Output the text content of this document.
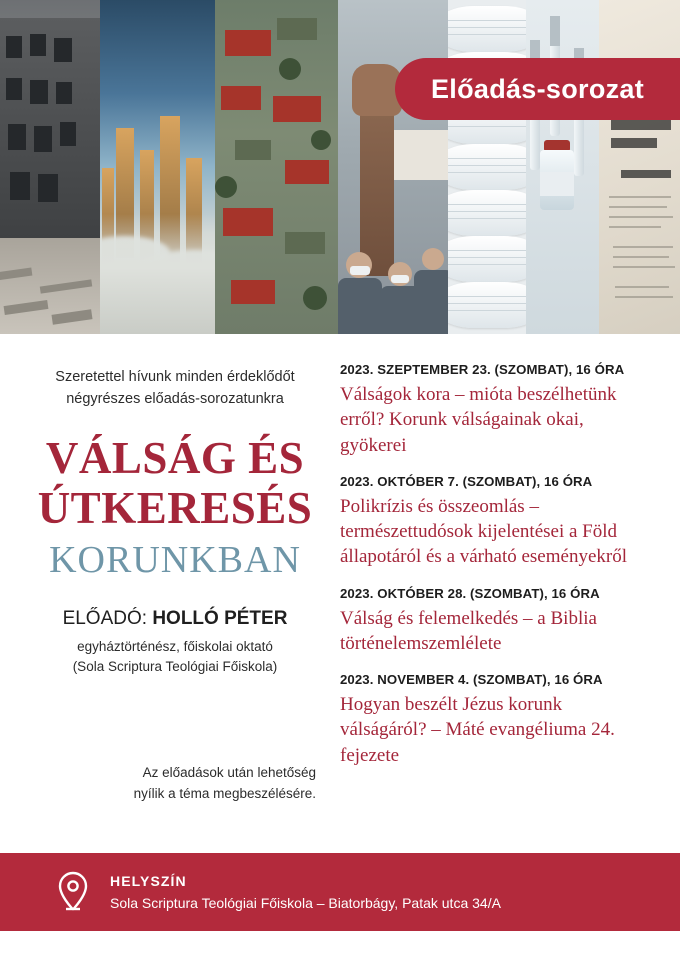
Előadás-sorozat
Szeretettel hívunk minden érdeklődőt
négyrészes előadás-sorozatunkra
VÁLSÁG ÉS
ÚTKERESÉS
KORUNKBAN
ELŐADÓ: HOLLÓ PÉTER
egyháztörténész, főiskolai oktató
(Sola Scriptura Teológiai Főiskola)
Az előadások után lehetőség
nyílik a téma megbeszélésére.
2023. SZEPTEMBER 23. (SZOMBAT), 16 ÓRA
Válságok kora – mióta beszélhetünk erről? Korunk válságainak okai, gyökerei
2023. OKTÓBER 7. (SZOMBAT), 16 ÓRA
Polikrízis és összeomlás – természettudósok kijelentései a Föld állapotáról és a várható eseményekről
2023. OKTÓBER 28. (SZOMBAT), 16 ÓRA
Válság és felemelkedés – a Biblia történelemszemlélete
2023. NOVEMBER 4. (SZOMBAT), 16 ÓRA
Hogyan beszélt Jézus korunk válságáról? – Máté evangéliuma 24. fejezete
HELYSZÍN
Sola Scriptura Teológiai Főiskola – Biatorbágy, Patak utca 34/A
